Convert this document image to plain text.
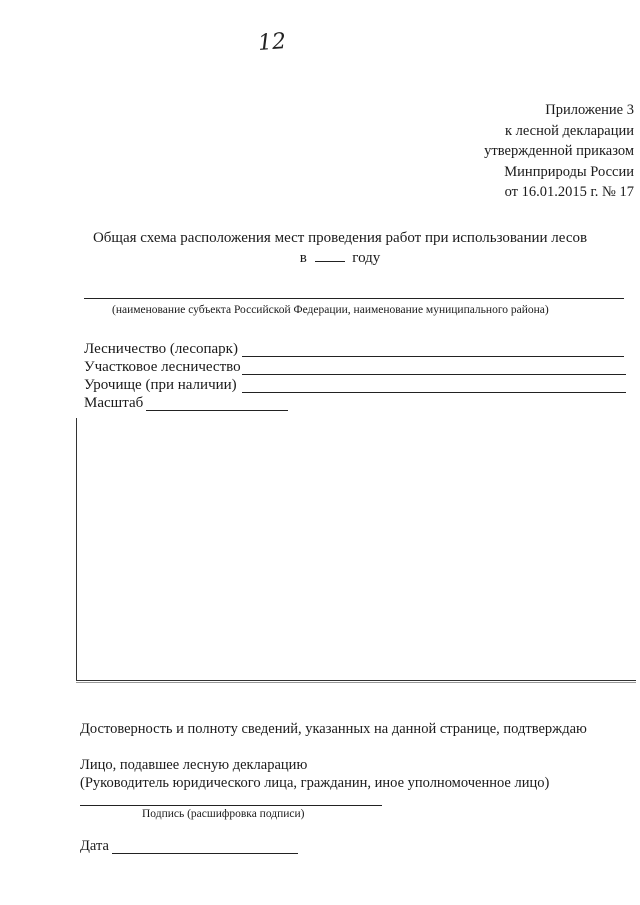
12
Приложение 3
к лесной декларации
утвержденной приказом
Минприроды России
от 16.01.2015 г. № 17
Общая схема расположения мест проведения работ при использовании лесов
в	году
(наименование субъекта Российской Федерации, наименование муниципального района)
Лесничество (лесопарк)
Участковое лесничество
Урочище (при наличии)
Масштаб
Достоверность и полноту сведений, указанных на данной странице, подтверждаю
Лицо, подавшее лесную декларацию
(Руководитель юридического лица, гражданин, иное уполномоченное лицо)
Подпись (расшифровка подписи)
Дата
